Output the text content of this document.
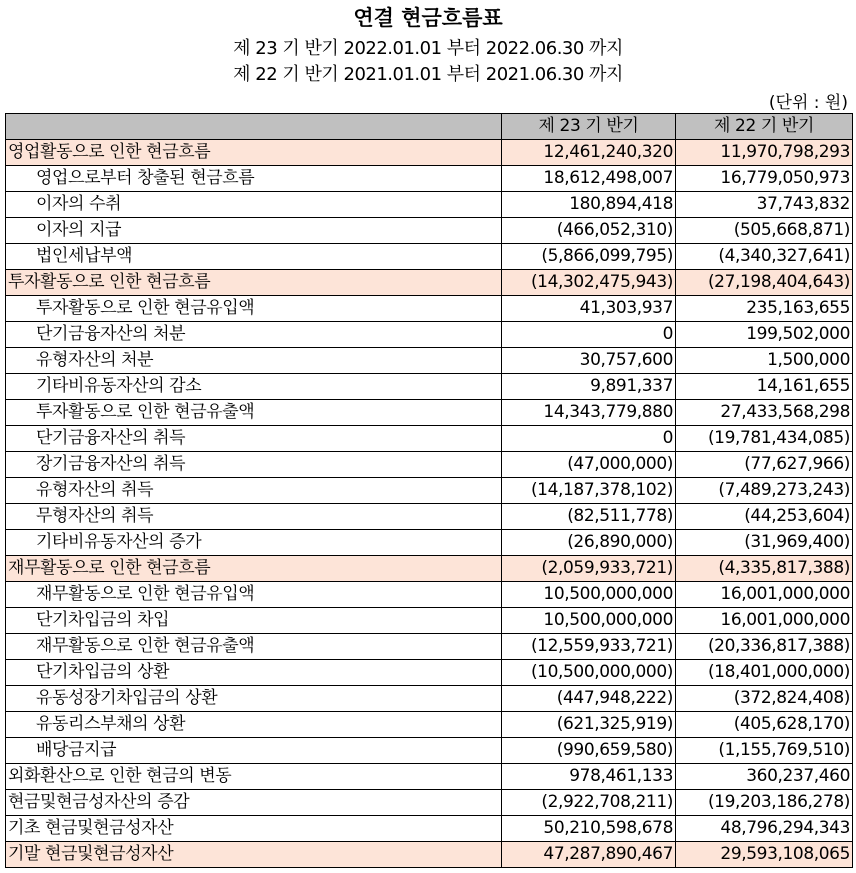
연결 현금흐름표
제 23 기 반기 2022.01.01 부터 2022.06.30 까지
제 22 기 반기 2021.01.01 부터 2021.06.30 까지
(단위 : 원)
	제 23 기 반기	제 22 기 반기
영업활동으로 인한 현금흐름	12,461,240,320	11,970,798,293
영업으로부터 창출된 현금흐름	18,612,498,007	16,779,050,973
이자의 수취	180,894,418	37,743,832
이자의 지급	(466,052,310)	(505,668,871)
법인세납부액	(5,866,099,795)	(4,340,327,641)
투자활동으로 인한 현금흐름	(14,302,475,943)	(27,198,404,643)
투자활동으로 인한 현금유입액	41,303,937	235,163,655
단기금융자산의 처분	0	199,502,000
유형자산의 처분	30,757,600	1,500,000
기타비유동자산의 감소	9,891,337	14,161,655
투자활동으로 인한 현금유출액	14,343,779,880	27,433,568,298
단기금융자산의 취득	0	(19,781,434,085)
장기금융자산의 취득	(47,000,000)	(77,627,966)
유형자산의 취득	(14,187,378,102)	(7,489,273,243)
무형자산의 취득	(82,511,778)	(44,253,604)
기타비유동자산의 증가	(26,890,000)	(31,969,400)
재무활동으로 인한 현금흐름	(2,059,933,721)	(4,335,817,388)
재무활동으로 인한 현금유입액	10,500,000,000	16,001,000,000
단기차입금의 차입	10,500,000,000	16,001,000,000
재무활동으로 인한 현금유출액	(12,559,933,721)	(20,336,817,388)
단기차입금의 상환	(10,500,000,000)	(18,401,000,000)
유동성장기차입금의 상환	(447,948,222)	(372,824,408)
유동리스부채의 상환	(621,325,919)	(405,628,170)
배당금지급	(990,659,580)	(1,155,769,510)
외화환산으로 인한 현금의 변동	978,461,133	360,237,460
현금및현금성자산의 증감	(2,922,708,211)	(19,203,186,278)
기초 현금및현금성자산	50,210,598,678	48,796,294,343
기말 현금및현금성자산	47,287,890,467	29,593,108,065
